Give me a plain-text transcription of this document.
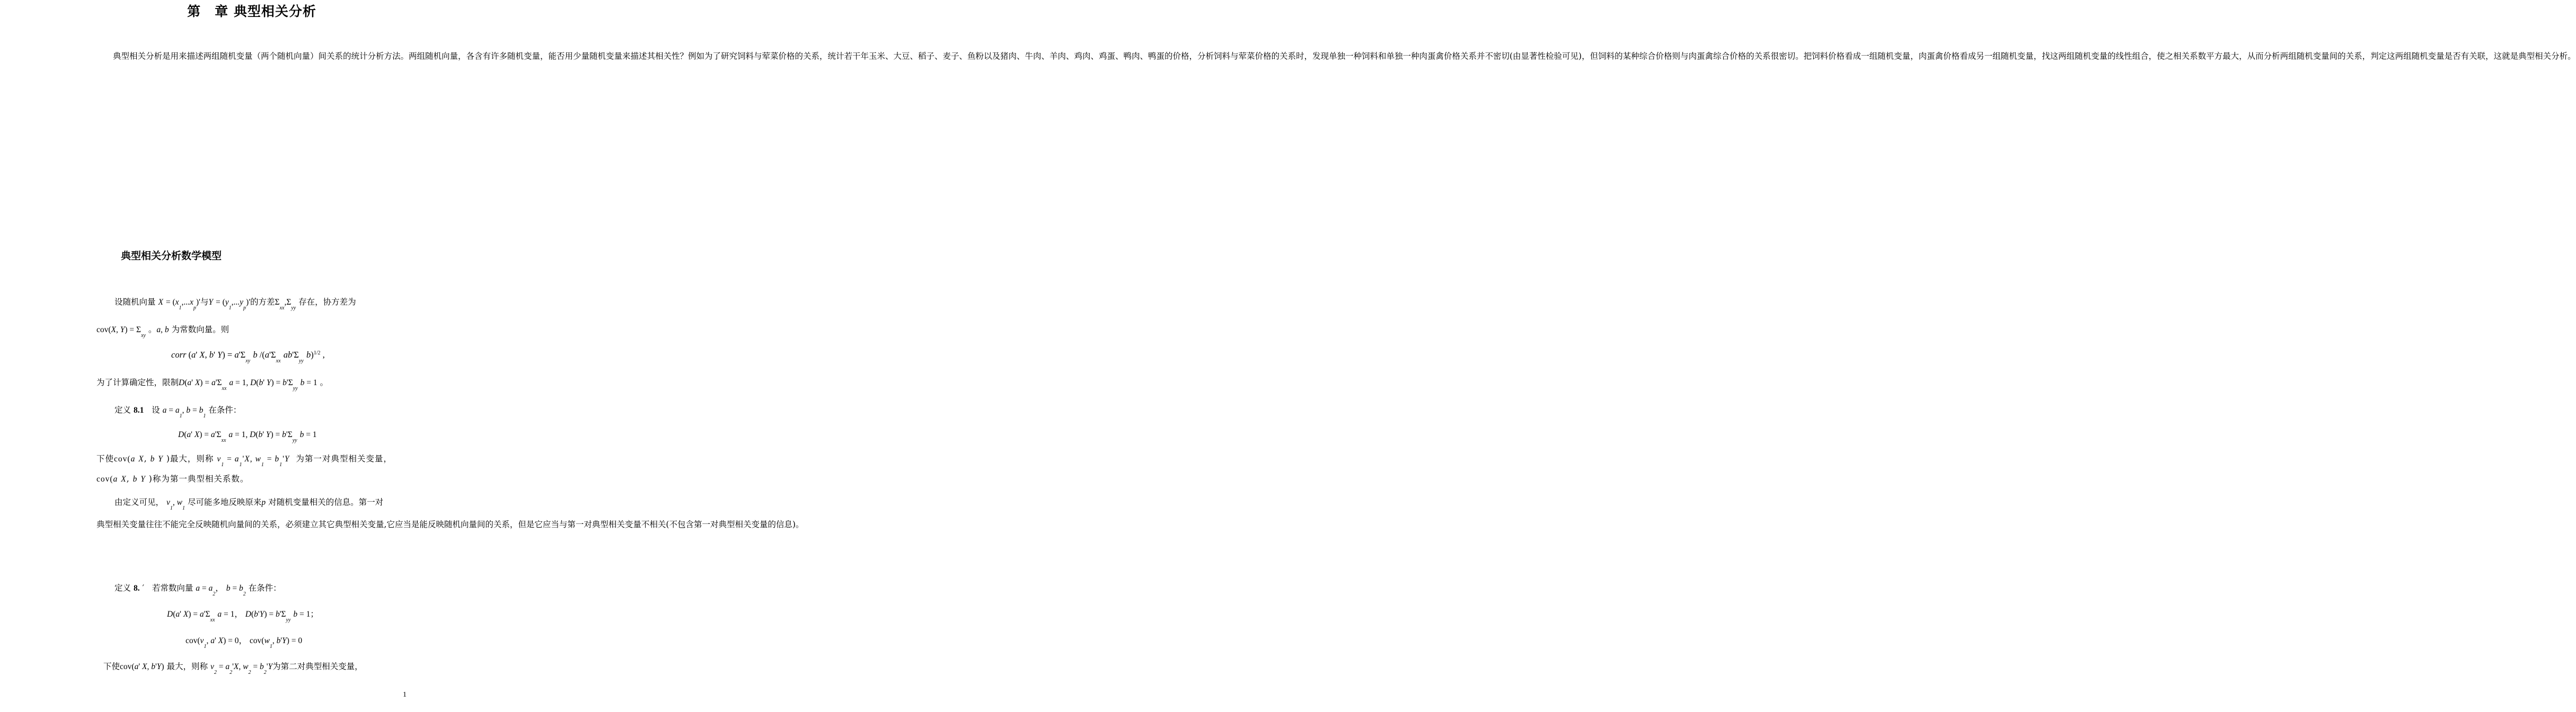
第　章 典型相关分析

典型相关分析是用来描述两组随机变量（两个随机向量）间关系的统计分析方法。两组随机向量，各含有许多随机变量，能否用少量随机变量来描述其相关性？例如为了研究饲料与荤菜价格的关系，统计若干年玉米、大豆、稻子、麦子、鱼粉以及猪肉、牛肉、羊肉、鸡肉、鸡蛋、鸭肉、鸭蛋的价格，分析饲料与荤菜价格的关系时，发现单独一种饲料和单独一种肉蛋禽价格关系并不密切(由显著性检验可见)，但饲料的某种综合价格则与肉蛋禽综合价格的关系很密切。把饲料价格看成一组随机变量，肉蛋禽价格看成另一组随机变量，找这两组随机变量的线性组合，使之相关系数平方最大，从而分析两组随机变量间的关系，判定这两组随机变量是否有关联，这就是典型相关分析。

典型相关分析数学模型
设随机向量 $X = (x_1,...x_p)'$与$Y = (y_1,...y_p)'$的方差$\Sigma_{xx},\Sigma_{yy}$ 存在，协方差为
cov(X, $Y) = \Sigma_{xy}$ 。a, b 为常数向量。则
corr (a' X, b' $Y) = a'\Sigma_{xy}$ b $/(a'\Sigma_{xx}$ $ab'\Sigma_{yy}$ b)$^{1/2}$ ,
为了计算确定性，限制D(a' $X) = a'\Sigma_{xx}$ a = 1, D(b' $Y) = b'\Sigma_{yy}$ b = 1 。
定义 8.1 设 $a = a_1$, $b = b_1$ 在条件：
D(a' $X) = a'\Sigma_{xx}$ a = 1, D(b' $Y) = b'\Sigma_{yy}$ b = 1
下使cov(a X, b Y )最大，则称 $v_1 = a_1'X$, $w_1 = b_1'Y$ 为第一对典型相关变量，
cov(a X, b Y )称为第一典型相关系数。
由定义可见， $v_1$, $w_1$ 尽可能多地反映原来p 对随机变量相关的信息。第一对

典型相关变量往往不能完全反映随机向量间的关系，必须建立其它典型相关变量,它应当是能反映随机向量间的关系，但是它应当与第一对典型相关变量不相关(不包含第一对典型相关变量的信息)。

定义 8. ′ 若常数向量 $a = a_2$， $b = b_2$ 在条件：
D(a' $X) = a'\Sigma_{xx}$ a = 1， $D(b'Y) = b'\Sigma_{yy}$ b = 1；
$cov(v_1$, a' X) = 0， $cov(w_1$, b'Y) = 0
下使cov(a' X, b'Y) 最大，则称 $v_2 = a_2'X$, $w_2 = b_2'Y$为第二对典型相关变量，
1
